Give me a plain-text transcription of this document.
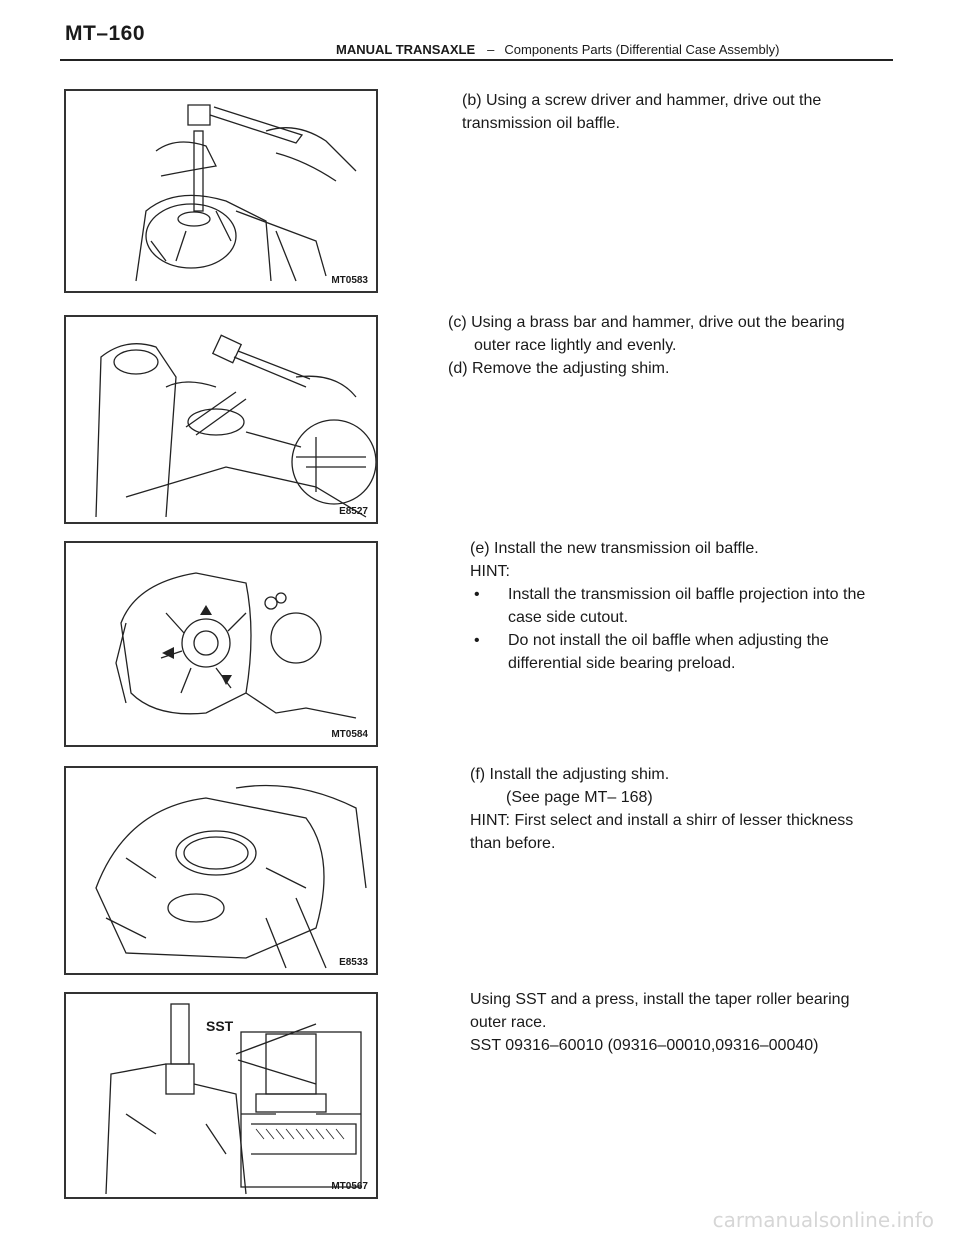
MT–160
MANUAL TRANSAXLE – Components Parts (Differential Case Assembly)
MT0583

(b) Using a screw driver and hammer, drive out the transmission oil baffle.

E8527

(c) Using a brass bar and hammer, drive out the bearing

outer race lightly and evenly.

(d) Remove the adjusting shim.

MT0584

(e) Install the new transmission oil baffle.

HINT:

•	Install the transmission oil baffle projection into the case side cutout.
•	Do not install the oil baffle when adjusting the differential side bearing preload.
E8533

(f) Install the adjusting shim.

(See page MT– 168)

HINT: First select and install a shirr of lesser thickness than before.

SST
MT0567

Using SST and a press, install the taper roller bearing outer race.

SST 09316–60010 (09316–00010,09316–00040)

carmanualsonline.info
